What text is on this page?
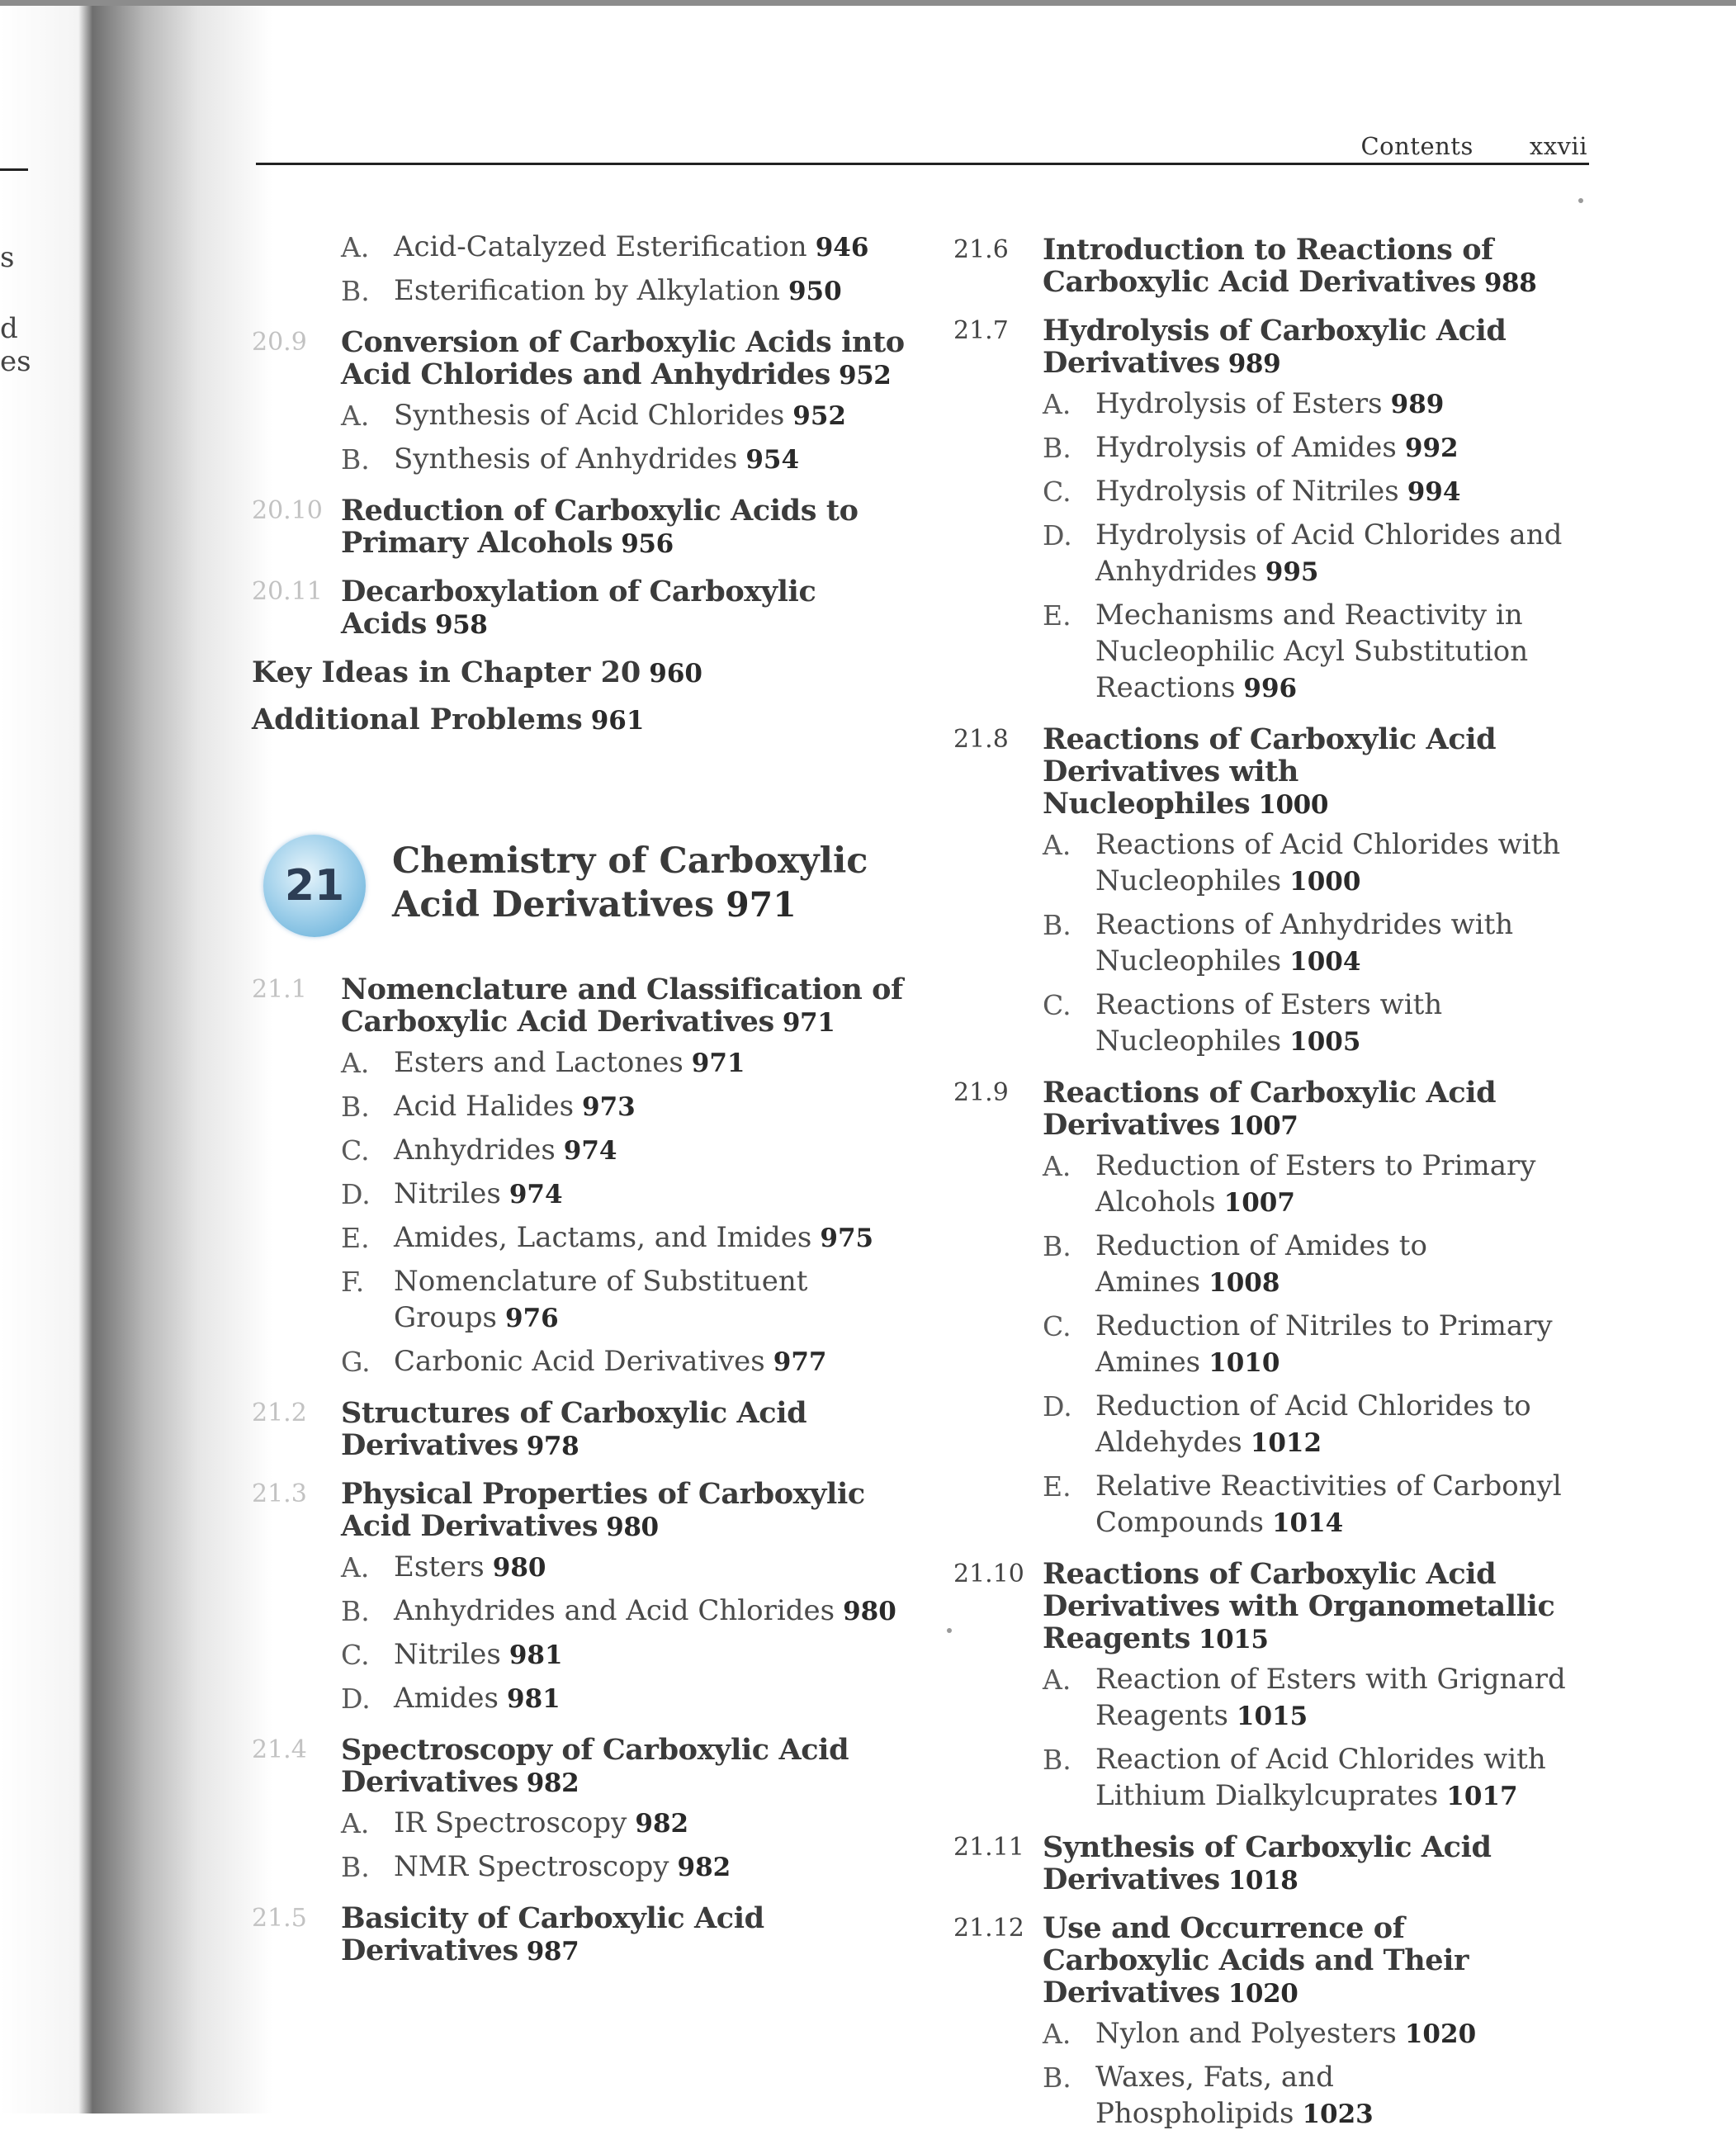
s
d
es
Contents xxvii
A. Acid-Catalyzed Esterification 946
B. Esterification by Alkylation 950
20.9 Conversion of Carboxylic Acids into Acid Chlorides and Anhydrides 952
A. Synthesis of Acid Chlorides 952
B. Synthesis of Anhydrides 954
20.10 Reduction of Carboxylic Acids to Primary Alcohols 956
20.11 Decarboxylation of Carboxylic Acids 958
Key Ideas in Chapter 20 960
Additional Problems 961
21 Chemistry of Carboxylic Acid Derivatives 971
21.1 Nomenclature and Classification of Carboxylic Acid Derivatives 971
A. Esters and Lactones 971
B. Acid Halides 973
C. Anhydrides 974
D. Nitriles 974
E. Amides, Lactams, and Imides 975
F. Nomenclature of Substituent Groups 976
G. Carbonic Acid Derivatives 977
21.2 Structures of Carboxylic Acid Derivatives 978
21.3 Physical Properties of Carboxylic Acid Derivatives 980
A. Esters 980
B. Anhydrides and Acid Chlorides 980
C. Nitriles 981
D. Amides 981
21.4 Spectroscopy of Carboxylic Acid Derivatives 982
A. IR Spectroscopy 982
B. NMR Spectroscopy 982
21.5 Basicity of Carboxylic Acid Derivatives 987
21.6 Introduction to Reactions of Carboxylic Acid Derivatives 988
21.7 Hydrolysis of Carboxylic Acid Derivatives 989
A. Hydrolysis of Esters 989
B. Hydrolysis of Amides 992
C. Hydrolysis of Nitriles 994
D. Hydrolysis of Acid Chlorides and Anhydrides 995
E. Mechanisms and Reactivity in Nucleophilic Acyl Substitution Reactions 996
21.8 Reactions of Carboxylic Acid Derivatives with Nucleophiles 1000
A. Reactions of Acid Chlorides with Nucleophiles 1000
B. Reactions of Anhydrides with Nucleophiles 1004
C. Reactions of Esters with Nucleophiles 1005
21.9 Reactions of Carboxylic Acid Derivatives 1007
A. Reduction of Esters to Primary Alcohols 1007
B. Reduction of Amides to Amines 1008
C. Reduction of Nitriles to Primary Amines 1010
D. Reduction of Acid Chlorides to Aldehydes 1012
E. Relative Reactivities of Carbonyl Compounds 1014
21.10 Reactions of Carboxylic Acid Derivatives with Organometallic Reagents 1015
A. Reaction of Esters with Grignard Reagents 1015
B. Reaction of Acid Chlorides with Lithium Dialkylcuprates 1017
21.11 Synthesis of Carboxylic Acid Derivatives 1018
21.12 Use and Occurrence of Carboxylic Acids and Their Derivatives 1020
A. Nylon and Polyesters 1020
B. Waxes, Fats, and Phospholipids 1023
